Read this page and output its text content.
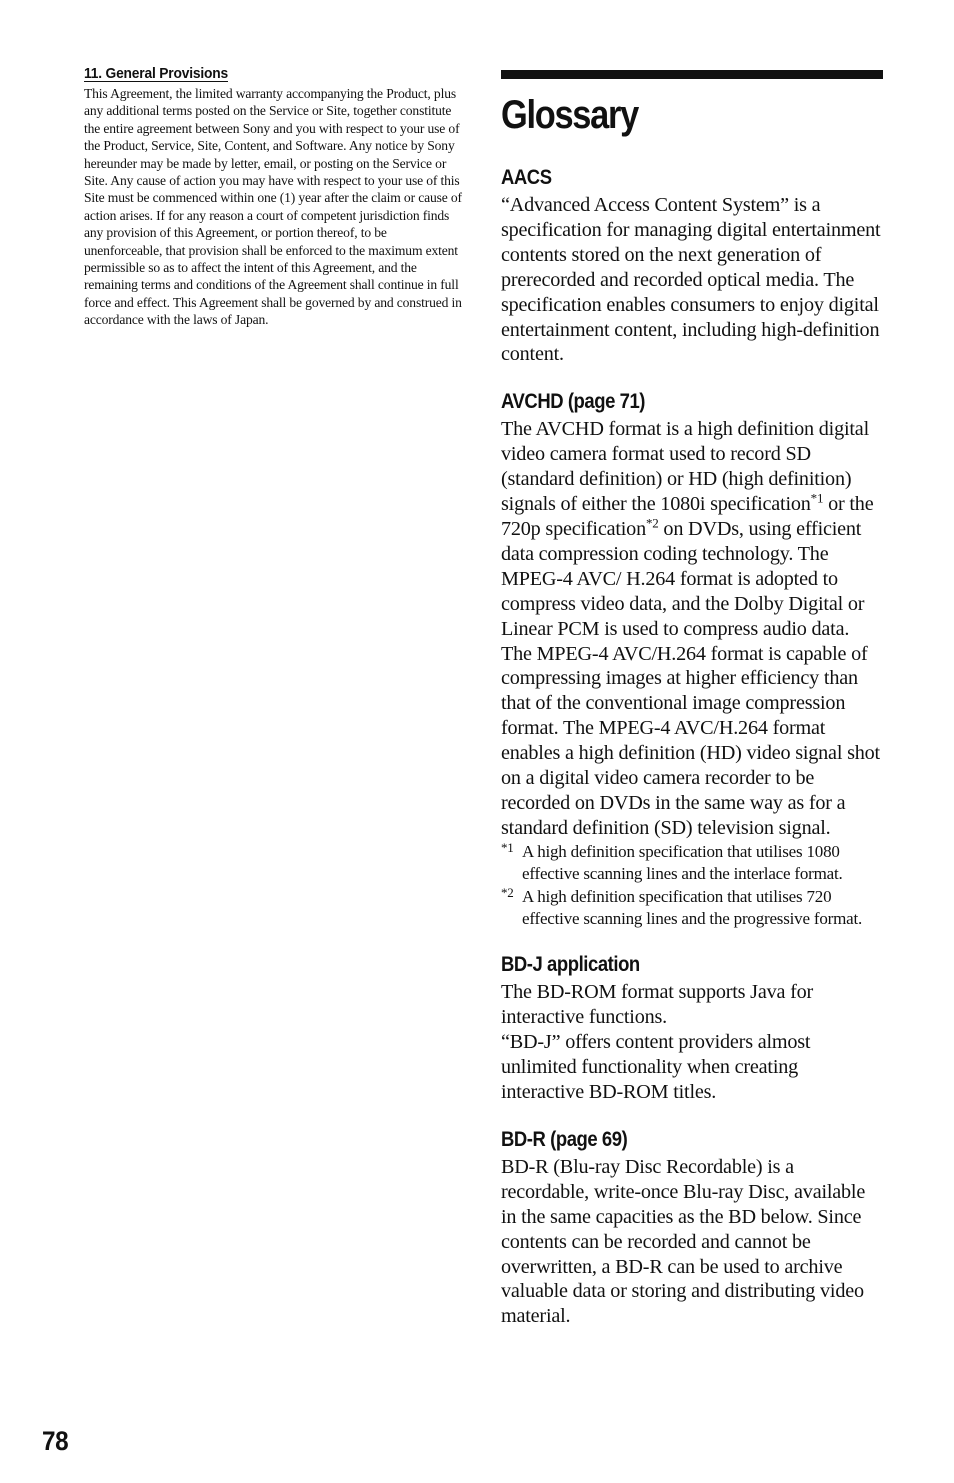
11. General Provisions

This Agreement, the limited warranty accompanying the Product, plus any additional terms posted on the Service or Site, together constitute the entire agreement between Sony and you with respect to your use of the Product, Service, Site, Content, and Software. Any notice by Sony hereunder may be made by letter, email, or posting on the Service or Site. Any cause of action you may have with respect to your use of this Site must be commenced within one (1) year after the claim or cause of action arises. If for any reason a court of competent jurisdiction finds any provision of this Agreement, or portion thereof, to be unenforceable, that provision shall be enforced to the maximum extent permissible so as to affect the intent of this Agreement, and the remaining terms and conditions of the Agreement shall continue in full force and effect. This Agreement shall be governed by and construed in accordance with the laws of Japan.

Glossary
AACS

“Advanced Access Content System” is a specification for managing digital entertainment contents stored on the next generation of prerecorded and recorded optical media. The specification enables consumers to enjoy digital entertainment content, including high-definition content.

AVCHD (page 71)

The AVCHD format is a high definition digital video camera format used to record SD (standard definition) or HD (high definition) signals of either the 1080i specification$^{*1}$ or the 720p specification$^{*2}$ on DVDs, using efficient data compression coding technology. The MPEG-4 AVC/ H.264 format is adopted to compress video data, and the Dolby Digital or Linear PCM is used to compress audio data. The MPEG-4 AVC/H.264 format is capable of compressing images at higher efficiency than that of the conventional image compression format. The MPEG-4 AVC/H.264 format enables a high definition (HD) video signal shot on a digital video camera recorder to be recorded on DVDs in the same way as for a standard definition (SD) television signal.

*1 A high definition specification that utilises 1080 effective scanning lines and the interlace format.
*2 A high definition specification that utilises 720 effective scanning lines and the progressive format.
BD-J application

The BD-ROM format supports Java for interactive functions.

“BD-J” offers content providers almost unlimited functionality when creating interactive BD-ROM titles.

BD-R (page 69)

BD-R (Blu-ray Disc Recordable) is a recordable, write-once Blu-ray Disc, available in the same capacities as the BD below. Since contents can be recorded and cannot be overwritten, a BD-R can be used to archive valuable data or storing and distributing video material.

78
